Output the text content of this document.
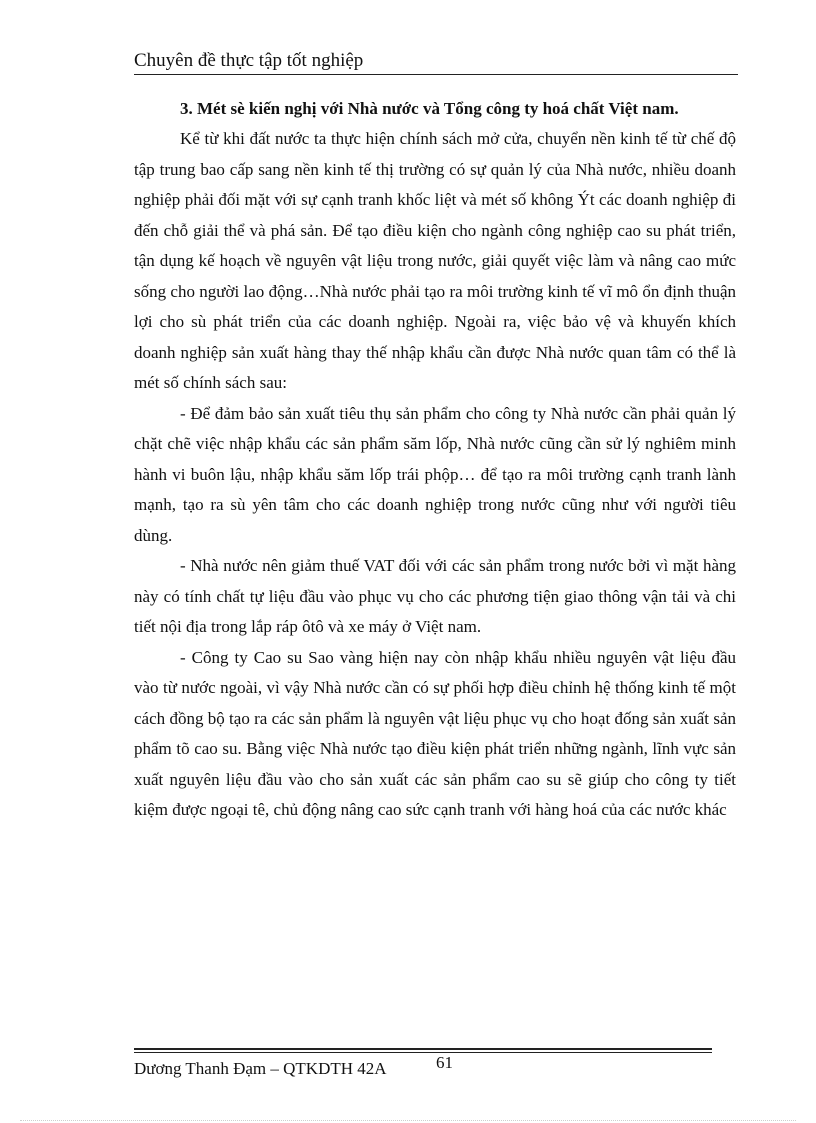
Chuyên đề thực tập tốt nghiệp

3. Mét sè kiến nghị với Nhà nước và Tổng công ty hoá chất Việt nam.

Kể từ khi đất nước ta thực hiện chính sách mở cửa, chuyển nền kinh tế từ chế độ tập trung bao cấp sang nền kinh tế thị trường có sự quản lý của Nhà nước, nhiều doanh nghiệp phải đối mặt với sự cạnh tranh khốc liệt và mét số không Ýt các doanh nghiệp đi đến chỗ giải thể và phá sản. Để tạo điều kiện cho ngành công nghiệp cao su phát triển, tận dụng kế hoạch về nguyên vật liệu trong nước, giải quyết việc làm và nâng cao mức sống cho người lao động…Nhà nước phải tạo ra môi trường kinh tế vĩ mô ổn định thuận lợi cho sù phát triển của các doanh nghiệp. Ngoài ra, việc bảo vệ và khuyến khích doanh nghiệp sản xuất hàng thay thế nhập khẩu cần được Nhà nước quan tâm có thể là mét số chính sách sau:

- Để đảm bảo sản xuất tiêu thụ sản phẩm cho công ty Nhà nước cần phải quản lý chặt chẽ việc nhập khẩu các sản phẩm săm lốp, Nhà nước cũng cần sử lý nghiêm minh hành vi buôn lậu, nhập khẩu săm lốp trái phộp… để tạo ra môi trường cạnh tranh lành mạnh, tạo ra sù yên tâm cho các doanh nghiệp trong nước cũng như với người tiêu dùng.

- Nhà nước nên giảm thuế VAT đối với các sản phẩm trong nước bởi vì mặt hàng này có tính chất tự liệu đầu vào phục vụ cho các phương tiện giao thông vận tải và chi tiết nội địa trong lắp ráp ôtô và xe máy ở Việt nam.

- Công ty Cao su Sao vàng hiện nay còn nhập khẩu nhiều nguyên vật liệu đầu vào từ nước ngoài, vì vậy Nhà nước cần có sự phối hợp điều chỉnh hệ thống kinh tế một cách đồng bộ tạo ra các sản phẩm là nguyên vật liệu phục vụ cho hoạt đống sản xuất sản phẩm tõ cao su. Bằng việc Nhà nước tạo điều kiện phát triển những ngành, lĩnh vực sản xuất nguyên liệu đầu vào cho sản xuất các sản phẩm cao su sẽ giúp cho công ty tiết kiệm được ngoại tê, chủ động nâng cao sức cạnh tranh với hàng hoá của các nước khác

Dương Thanh Đạm – QTKDTH 42A	61
